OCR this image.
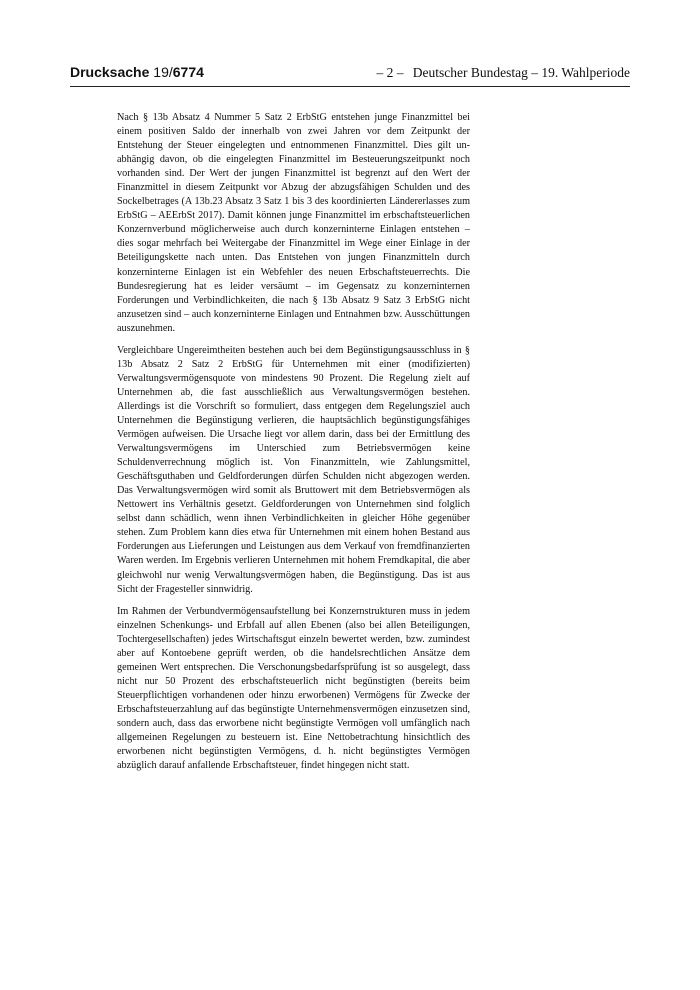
Drucksache 19/6774	– 2 – Deutscher Bundestag – 19. Wahlperiode

Nach § 13b Absatz 4 Nummer 5 Satz 2 ErbStG entstehen junge Finanzmittel bei einem positiven Saldo der innerhalb von zwei Jahren vor dem Zeitpunkt der Entstehung der Steuer eingelegten und entnommenen Finanzmittel. Dies gilt unabhängig davon, ob die eingelegten Finanzmittel im Besteuerungszeitpunkt noch vorhanden sind. Der Wert der jungen Finanzmittel ist begrenzt auf den Wert der Finanzmittel in diesem Zeitpunkt vor Abzug der abzugsfähigen Schulden und des Sockelbetrages (A 13b.23 Absatz 3 Satz 1 bis 3 des koordinierten Ländererlasses zum ErbStG – AEErbSt 2017). Damit können junge Finanzmittel im erbschaftsteuerlichen Konzernverbund möglicherweise auch durch konzerninterne Einlagen entstehen – dies sogar mehrfach bei Weitergabe der Finanzmittel im Wege einer Einlage in der Beteiligungskette nach unten. Das Entstehen von jungen Finanzmitteln durch konzerninterne Einlagen ist ein Webfehler des neuen Erbschaftsteuerrechts. Die Bundesregierung hat es leider versäumt – im Gegensatz zu konzerninternen Forderungen und Verbindlichkeiten, die nach § 13b Absatz 9 Satz 3 ErbStG nicht anzusetzen sind – auch konzerninterne Einlagen und Entnahmen bzw. Ausschüttungen auszunehmen.

Vergleichbare Ungereimtheiten bestehen auch bei dem Begünstigungsausschluss in § 13b Absatz 2 Satz 2 ErbStG für Unternehmen mit einer (modifizierten) Verwaltungsvermögensquote von mindestens 90 Prozent. Die Regelung zielt auf Unternehmen ab, die fast ausschließlich aus Verwaltungsvermögen bestehen. Allerdings ist die Vorschrift so formuliert, dass entgegen dem Regelungsziel auch Unternehmen die Begünstigung verlieren, die hauptsächlich begünstigungsfähiges Vermögen aufweisen. Die Ursache liegt vor allem darin, dass bei der Ermittlung des Verwaltungsvermögens im Unterschied zum Betriebsvermögen keine Schuldenverrechnung möglich ist. Von Finanzmitteln, wie Zahlungsmittel, Geschäftsguthaben und Geldforderungen dürfen Schulden nicht abgezogen werden. Das Verwaltungsvermögen wird somit als Bruttowert mit dem Betriebsvermögen als Nettowert ins Verhältnis gesetzt. Geldforderungen von Unternehmen sind folglich selbst dann schädlich, wenn ihnen Verbindlichkeiten in gleicher Höhe gegenüber stehen. Zum Problem kann dies etwa für Unternehmen mit einem hohen Bestand aus Forderungen aus Lieferungen und Leistungen aus dem Verkauf von fremdfinanzierten Waren werden. Im Ergebnis verlieren Unternehmen mit hohem Fremdkapital, die aber gleichwohl nur wenig Verwaltungsvermögen haben, die Begünstigung. Das ist aus Sicht der Fragesteller sinnwidrig.

Im Rahmen der Verbundvermögensaufstellung bei Konzernstrukturen muss in jedem einzelnen Schenkungs- und Erbfall auf allen Ebenen (also bei allen Beteiligungen, Tochtergesellschaften) jedes Wirtschaftsgut einzeln bewertet werden, bzw. zumindest aber auf Kontoebene geprüft werden, ob die handelsrechtlichen Ansätze dem gemeinen Wert entsprechen. Die Verschonungsbedarfsprüfung ist so ausgelegt, dass nicht nur 50 Prozent des erbschaftsteuerlich nicht begünstigten (bereits beim Steuerpflichtigen vorhandenen oder hinzu erworbenen) Vermögens für Zwecke der Erbschaftsteuerzahlung auf das begünstigte Unternehmensvermögen einzusetzen sind, sondern auch, dass das erworbene nicht begünstigte Vermögen voll umfänglich nach allgemeinen Regelungen zu besteuern ist. Eine Nettobetrachtung hinsichtlich des erworbenen nicht begünstigten Vermögens, d. h. nicht begünstigtes Vermögen abzüglich darauf anfallende Erbschaftsteuer, findet hingegen nicht statt.
